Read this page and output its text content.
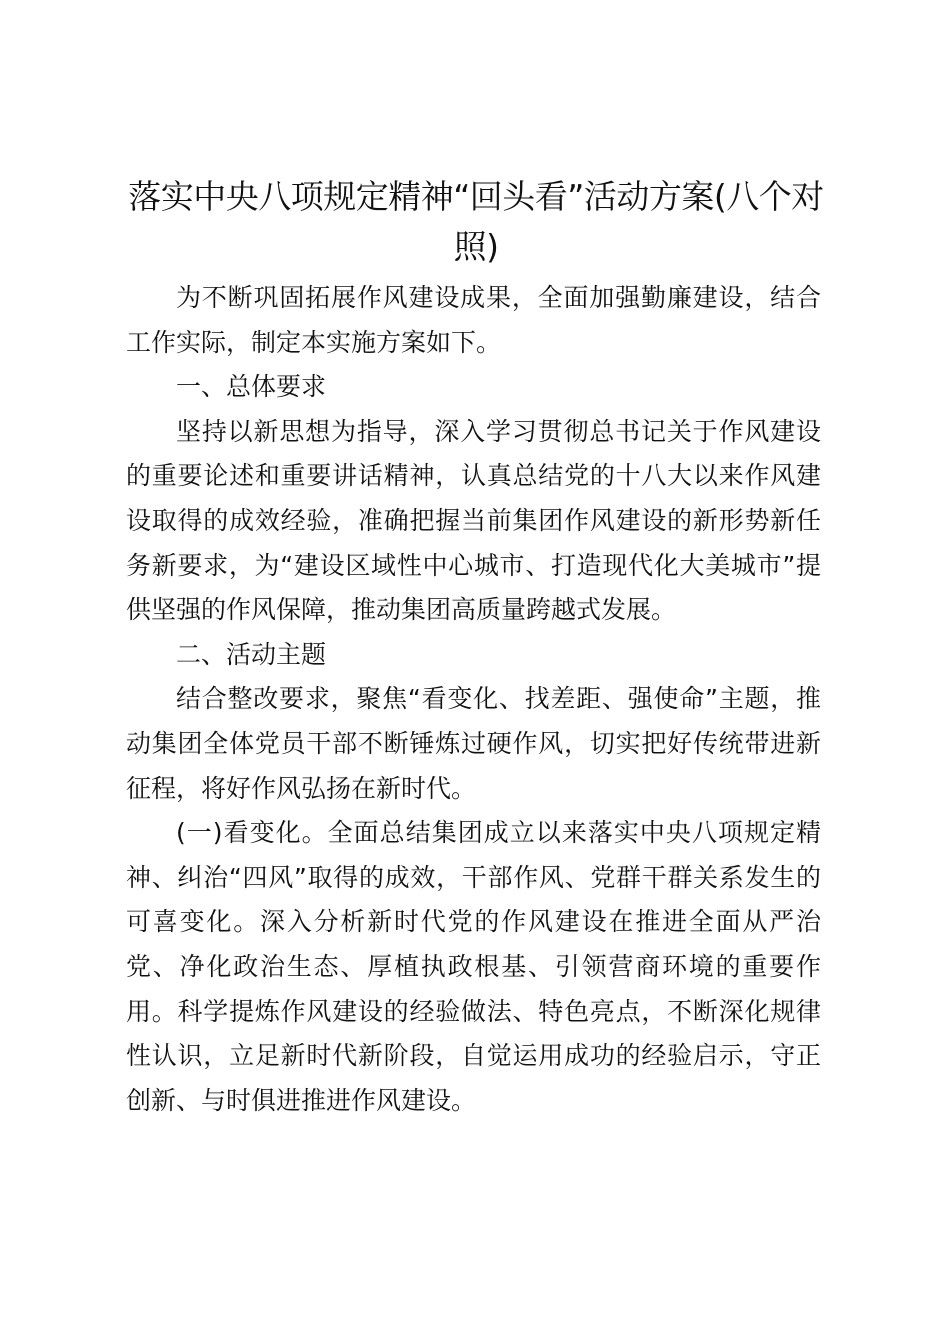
落实中央八项规定精神“回头看”活动方案(八个对照)

为不断巩固拓展作风建设成果，全面加强勤廉建设，结合工作实际，制定本实施方案如下。

一、总体要求

坚持以新思想为指导，深入学习贯彻总书记关于作风建设的重要论述和重要讲话精神，认真总结党的十八大以来作风建设取得的成效经验，准确把握当前集团作风建设的新形势新任务新要求，为“建设区域性中心城市、打造现代化大美城市”提供坚强的作风保障，推动集团高质量跨越式发展。

二、活动主题

结合整改要求，聚焦“看变化、找差距、强使命”主题，推动集团全体党员干部不断锤炼过硬作风，切实把好传统带进新征程，将好作风弘扬在新时代。

(一)看变化。全面总结集团成立以来落实中央八项规定精神、纠治“四风”取得的成效，干部作风、党群干群关系发生的可喜变化。深入分析新时代党的作风建设在推进全面从严治党、净化政治生态、厚植执政根基、引领营商环境的重要作用。科学提炼作风建设的经验做法、特色亮点，不断深化规律性认识，立足新时代新阶段，自觉运用成功的经验启示，守正创新、与时俱进推进作风建设。
